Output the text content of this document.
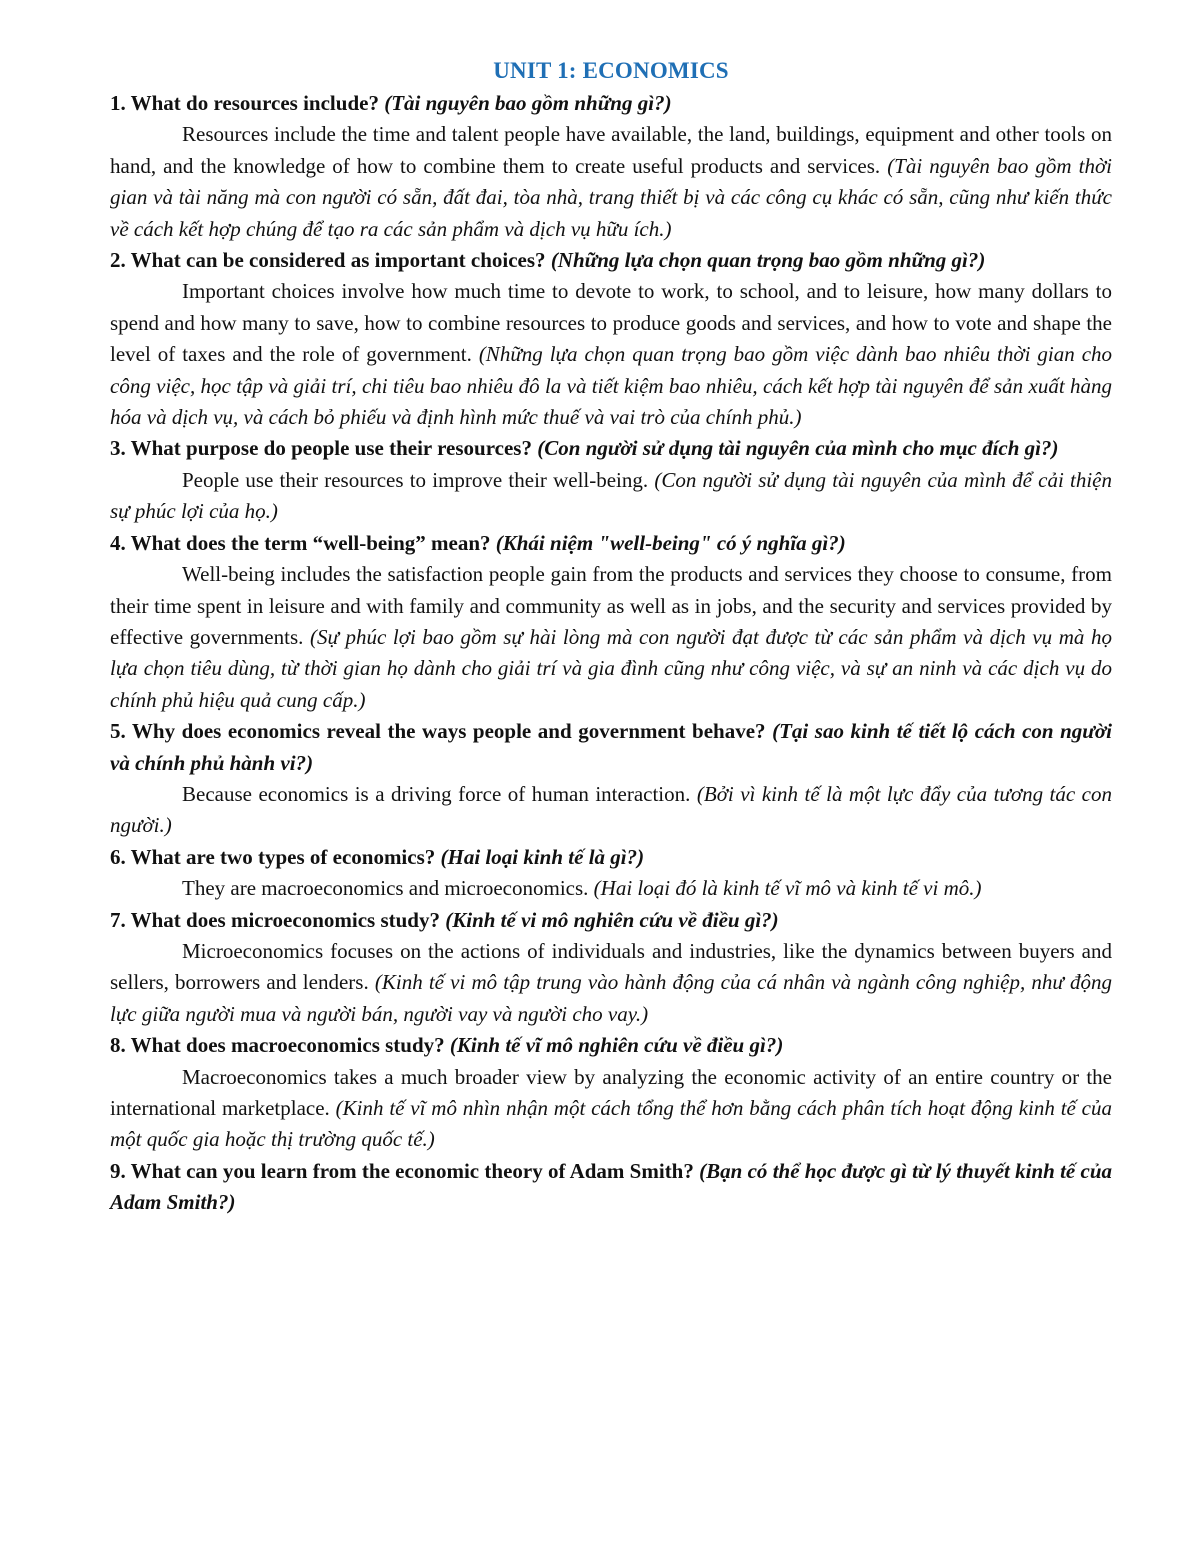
UNIT 1: ECONOMICS

1. What do resources include? (Tài nguyên bao gồm những gì?)

Resources include the time and talent people have available, the land, buildings, equipment and other tools on hand, and the knowledge of how to combine them to create useful products and services. (Tài nguyên bao gồm thời gian và tài năng mà con người có sẵn, đất đai, tòa nhà, trang thiết bị và các công cụ khác có sẵn, cũng như kiến thức về cách kết hợp chúng để tạo ra các sản phẩm và dịch vụ hữu ích.)

2. What can be considered as important choices? (Những lựa chọn quan trọng bao gồm những gì?)

Important choices involve how much time to devote to work, to school, and to leisure, how many dollars to spend and how many to save, how to combine resources to produce goods and services, and how to vote and shape the level of taxes and the role of government. (Những lựa chọn quan trọng bao gồm việc dành bao nhiêu thời gian cho công việc, học tập và giải trí, chi tiêu bao nhiêu đô la và tiết kiệm bao nhiêu, cách kết hợp tài nguyên để sản xuất hàng hóa và dịch vụ, và cách bỏ phiếu và định hình mức thuế và vai trò của chính phủ.)

3. What purpose do people use their resources? (Con người sử dụng tài nguyên của mình cho mục đích gì?)

People use their resources to improve their well-being. (Con người sử dụng tài nguyên của mình để cải thiện sự phúc lợi của họ.)

4. What does the term “well-being” mean? (Khái niệm "well-being" có ý nghĩa gì?)

Well-being includes the satisfaction people gain from the products and services they choose to consume, from their time spent in leisure and with family and community as well as in jobs, and the security and services provided by effective governments. (Sự phúc lợi bao gồm sự hài lòng mà con người đạt được từ các sản phẩm và dịch vụ mà họ lựa chọn tiêu dùng, từ thời gian họ dành cho giải trí và gia đình cũng như công việc, và sự an ninh và các dịch vụ do chính phủ hiệu quả cung cấp.)

5. Why does economics reveal the ways people and government behave? (Tại sao kinh tế tiết lộ cách con người và chính phủ hành vi?)

Because economics is a driving force of human interaction. (Bởi vì kinh tế là một lực đẩy của tương tác con người.)

6. What are two types of economics? (Hai loại kinh tế là gì?)

They are macroeconomics and microeconomics. (Hai loại đó là kinh tế vĩ mô và kinh tế vi mô.)

7. What does microeconomics study? (Kinh tế vi mô nghiên cứu về điều gì?)

Microeconomics focuses on the actions of individuals and industries, like the dynamics between buyers and sellers, borrowers and lenders. (Kinh tế vi mô tập trung vào hành động của cá nhân và ngành công nghiệp, như động lực giữa người mua và người bán, người vay và người cho vay.)

8. What does macroeconomics study? (Kinh tế vĩ mô nghiên cứu về điều gì?)

Macroeconomics takes a much broader view by analyzing the economic activity of an entire country or the international marketplace. (Kinh tế vĩ mô nhìn nhận một cách tổng thể hơn bằng cách phân tích hoạt động kinh tế của một quốc gia hoặc thị trường quốc tế.)

9. What can you learn from the economic theory of Adam Smith? (Bạn có thể học được gì từ lý thuyết kinh tế của Adam Smith?)
